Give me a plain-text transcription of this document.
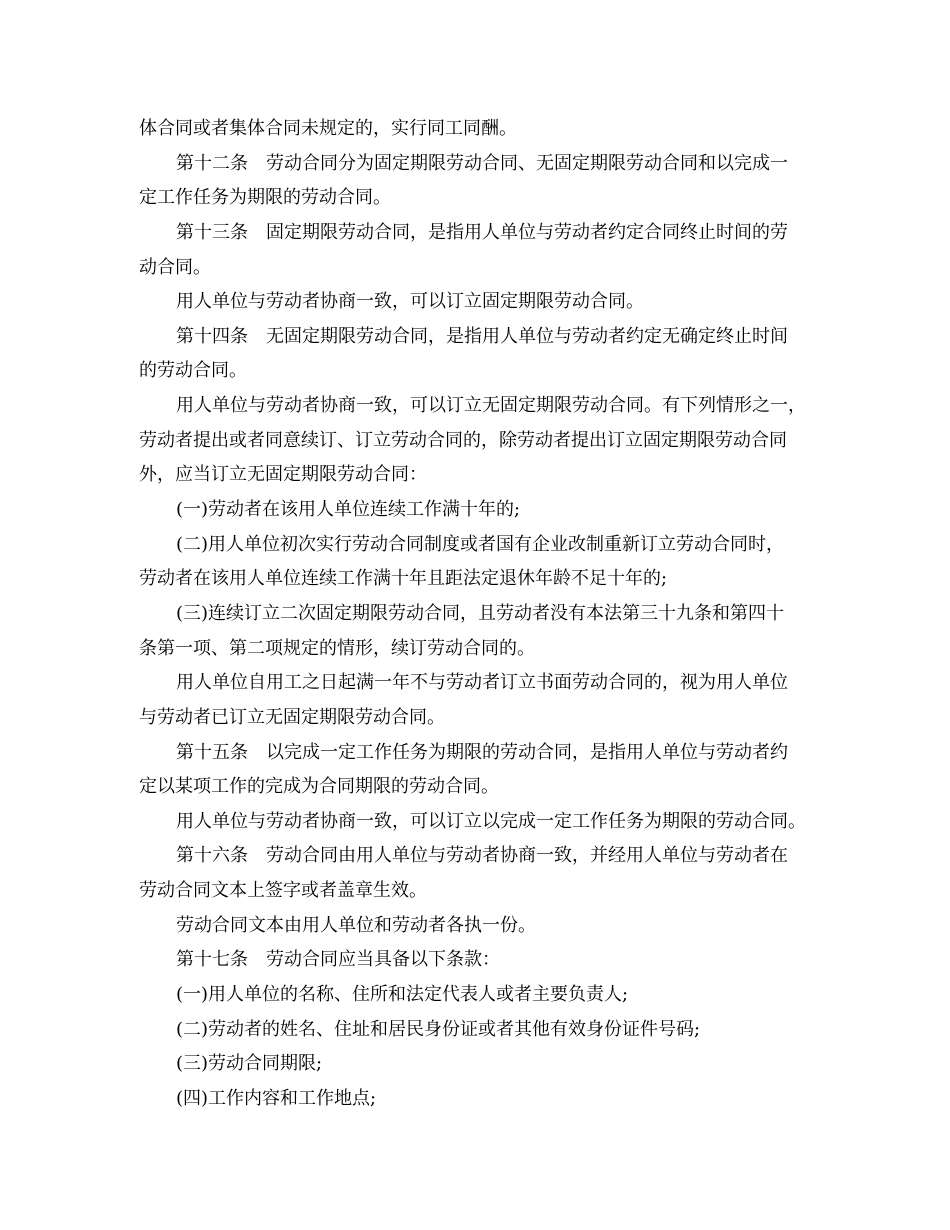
体合同或者集体合同未规定的，实行同工同酬。
第十二条　劳动合同分为固定期限劳动合同、无固定期限劳动合同和以完成一
定工作任务为期限的劳动合同。
第十三条　固定期限劳动合同，是指用人单位与劳动者约定合同终止时间的劳
动合同。
用人单位与劳动者协商一致，可以订立固定期限劳动合同。
第十四条　无固定期限劳动合同，是指用人单位与劳动者约定无确定终止时间
的劳动合同。
用人单位与劳动者协商一致，可以订立无固定期限劳动合同。有下列情形之一，
劳动者提出或者同意续订、订立劳动合同的，除劳动者提出订立固定期限劳动合同
外，应当订立无固定期限劳动合同：
(一)劳动者在该用人单位连续工作满十年的;
(二)用人单位初次实行劳动合同制度或者国有企业改制重新订立劳动合同时，
劳动者在该用人单位连续工作满十年且距法定退休年龄不足十年的;
(三)连续订立二次固定期限劳动合同，且劳动者没有本法第三十九条和第四十
条第一项、第二项规定的情形，续订劳动合同的。
用人单位自用工之日起满一年不与劳动者订立书面劳动合同的，视为用人单位
与劳动者已订立无固定期限劳动合同。
第十五条　以完成一定工作任务为期限的劳动合同，是指用人单位与劳动者约
定以某项工作的完成为合同期限的劳动合同。
用人单位与劳动者协商一致，可以订立以完成一定工作任务为期限的劳动合同。
第十六条　劳动合同由用人单位与劳动者协商一致，并经用人单位与劳动者在
劳动合同文本上签字或者盖章生效。
劳动合同文本由用人单位和劳动者各执一份。
第十七条　劳动合同应当具备以下条款：
(一)用人单位的名称、住所和法定代表人或者主要负责人;
(二)劳动者的姓名、住址和居民身份证或者其他有效身份证件号码;
(三)劳动合同期限;
(四)工作内容和工作地点;
